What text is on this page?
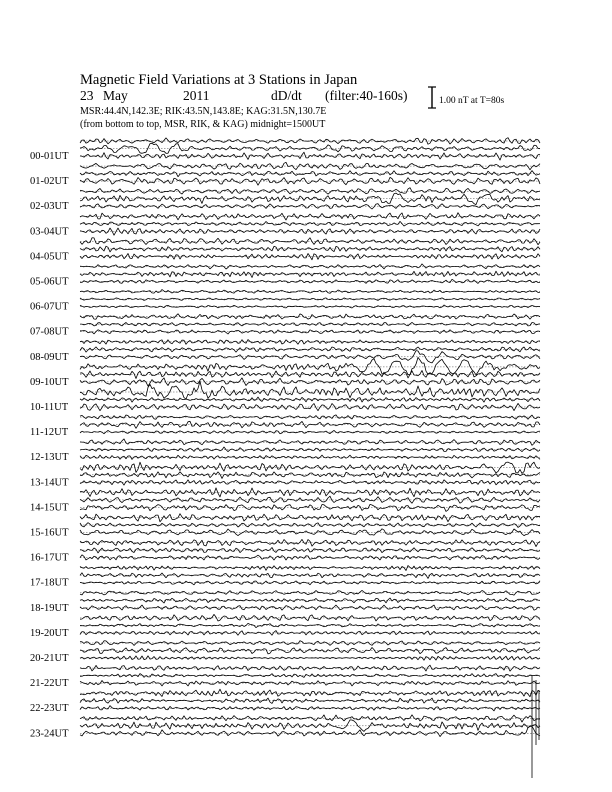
Magnetic Field Variations at 3 Stations in Japan
23 May	2011	dD/dt (filter:40-160s)
MSR:44.4N,142.3E; RIK:43.5N,143.8E; KAG:31.5N,130.7E
(from bottom to top, MSR, RIK, & KAG) midnight=1500UT
1.00 nT at T=80s
00-01UT
01-02UT
02-03UT
03-04UT
04-05UT
05-06UT
06-07UT
07-08UT
08-09UT
09-10UT
10-11UT
11-12UT
12-13UT
13-14UT
14-15UT
15-16UT
16-17UT
17-18UT
18-19UT
19-20UT
20-21UT
21-22UT
22-23UT
23-24UT
